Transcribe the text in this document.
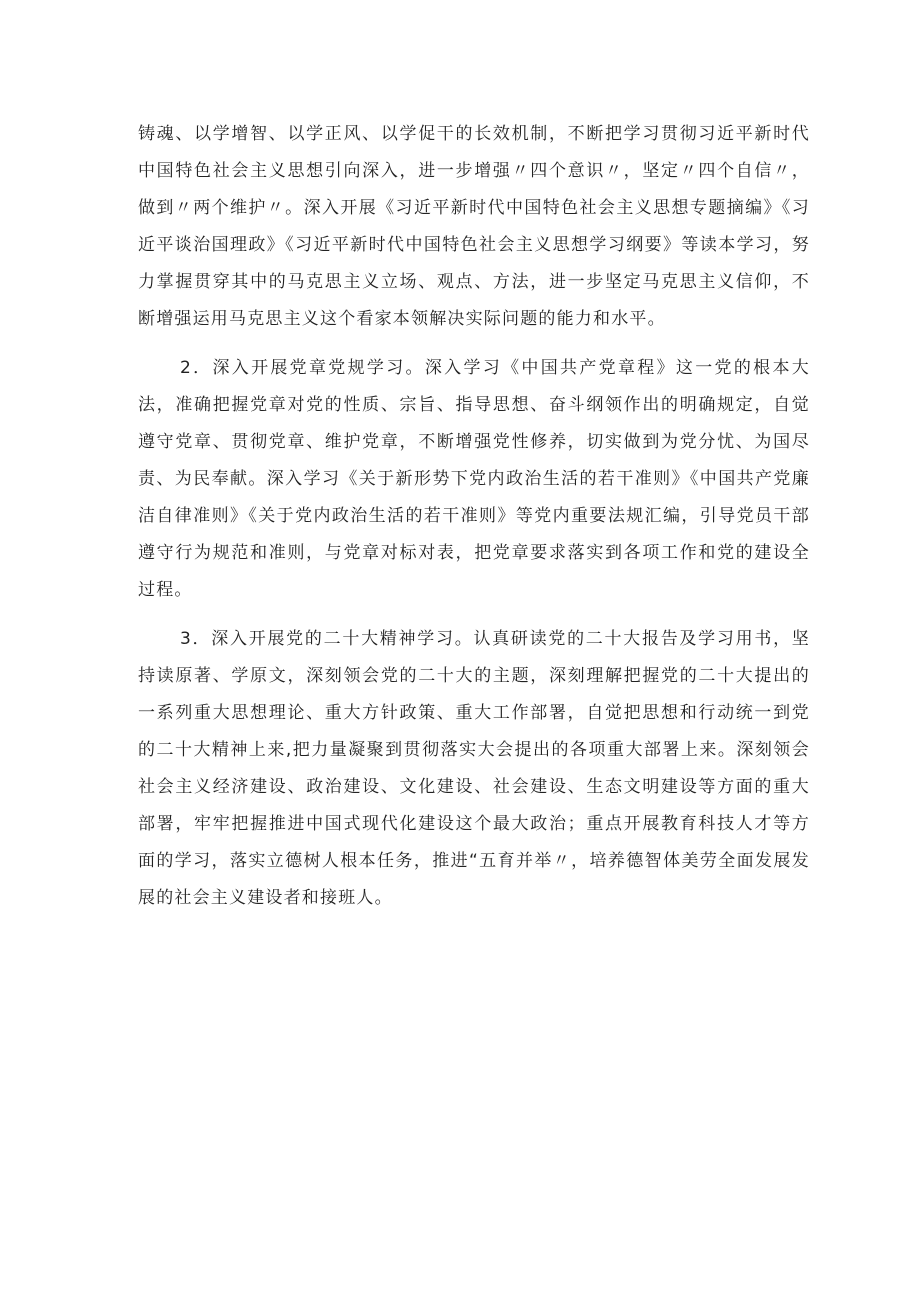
铸魂、以学增智、以学正风、以学促干的长效机制，不断把学习贯彻习近平新时代中国特色社会主义思想引向深入，进一步增强〃四个意识〃，坚定〃四个自信〃，做到〃两个维护〃。深入开展《习近平新时代中国特色社会主义思想专题摘编》《习近平谈治国理政》《习近平新时代中国特色社会主义思想学习纲要》等读本学习，努力掌握贯穿其中的马克思主义立场、观点、方法，进一步坚定马克思主义信仰，不断增强运用马克思主义这个看家本领解决实际问题的能力和水平。

2．深入开展党章党规学习。深入学习《中国共产党章程》这一党的根本大法，准确把握党章对党的性质、宗旨、指导思想、奋斗纲领作出的明确规定，自觉遵守党章、贯彻党章、维护党章，不断增强党性修养，切实做到为党分忧、为国尽责、为民奉献。深入学习《关于新形势下党内政治生活的若干准则》《中国共产党廉洁自律准则》《关于党内政治生活的若干准则》等党内重要法规汇编，引导党员干部遵守行为规范和准则，与党章对标对表，把党章要求落实到各项工作和党的建设全过程。

3．深入开展党的二十大精神学习。认真研读党的二十大报告及学习用书，坚持读原著、学原文，深刻领会党的二十大的主题，深刻理解把握党的二十大提出的一系列重大思想理论、重大方针政策、重大工作部署，自觉把思想和行动统一到党的二十大精神上来,把力量凝聚到贯彻落实大会提出的各项重大部署上来。深刻领会社会主义经济建设、政治建设、文化建设、社会建设、生态文明建设等方面的重大部署，牢牢把握推进中国式现代化建设这个最大政治；重点开展教育科技人才等方面的学习，落实立德树人根本任务，推进“五育并举〃，培养德智体美劳全面发展发展的社会主义建设者和接班人。
